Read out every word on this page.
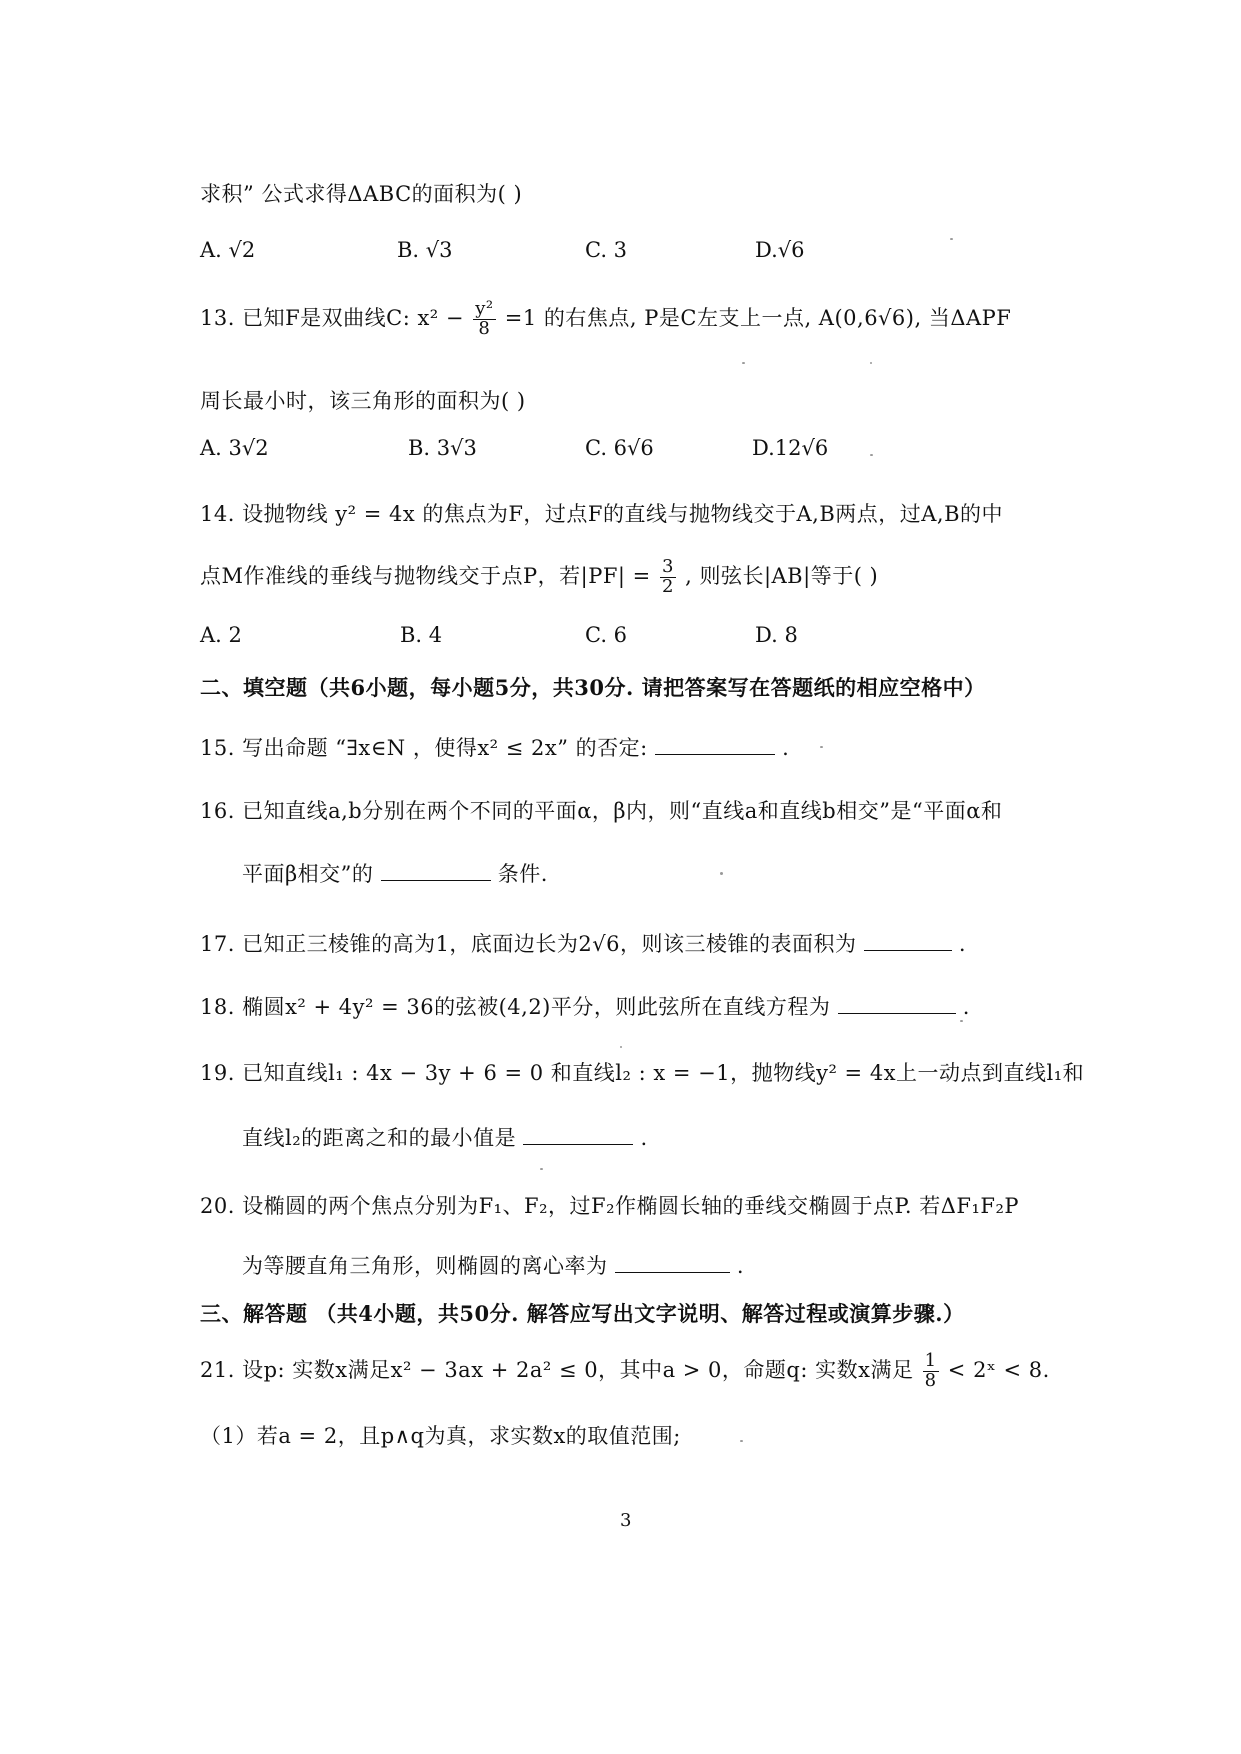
求积” 公式求得ΔABC的面积为( )
A. √2	B. √3	C. 3	D.√6
13. 已知F是双曲线C: $x^2 - \frac{\text{y²}}{8} =1$ 的右焦点, P是C左支上一点, A(0,6√6), 当ΔAPF
周长最小时，该三角形的面积为( )
A. 3√2	B. 3√3	C. 6√6	D.12√6
14. 设抛物线 y² = 4x 的焦点为F，过点F的直线与抛物线交于A,B两点，过A,B的中
点M作准线的垂线与抛物线交于点P，若$|PF| = \frac{3}{2}$ , 则弦长|AB|等于( )
A. 2	B. 4	C. 6	D. 8
二、填空题（共6小题，每小题5分，共30分. 请把答案写在答题纸的相应空格中）
15. 写出命题 “∃x∈N ，使得x² ≤ 2x” 的否定:	.
16. 已知直线a,b分别在两个不同的平面α，β内，则“直线a和直线b相交”是“平面α和
平面β相交”的	条件.
17. 已知正三棱锥的高为1，底面边长为2√6，则该三棱锥的表面积为	.
18. 椭圆x² + 4y² = 36的弦被(4,2)平分，则此弦所在直线方程为	.
19. 已知直线l₁ : 4x − 3y + 6 = 0 和直线l₂ : x = −1，抛物线y² = 4x上一动点到直线l₁和
直线l₂的距离之和的最小值是	.
20. 设椭圆的两个焦点分别为F₁、F₂，过F₂作椭圆长轴的垂线交椭圆于点P. 若ΔF₁F₂P
为等腰直角三角形，则椭圆的离心率为	.
三、解答题 （共4小题，共50分. 解答应写出文字说明、解答过程或演算步骤.）
21. 设p: 实数x满足x² − 3ax + 2a² ≤ 0，其中a > 0，命题q: 实数x满足 $\frac{1}{8}$ < 2ˣ < 8.
（1）若a = 2，且p∧q为真，求实数x的取值范围;
3
